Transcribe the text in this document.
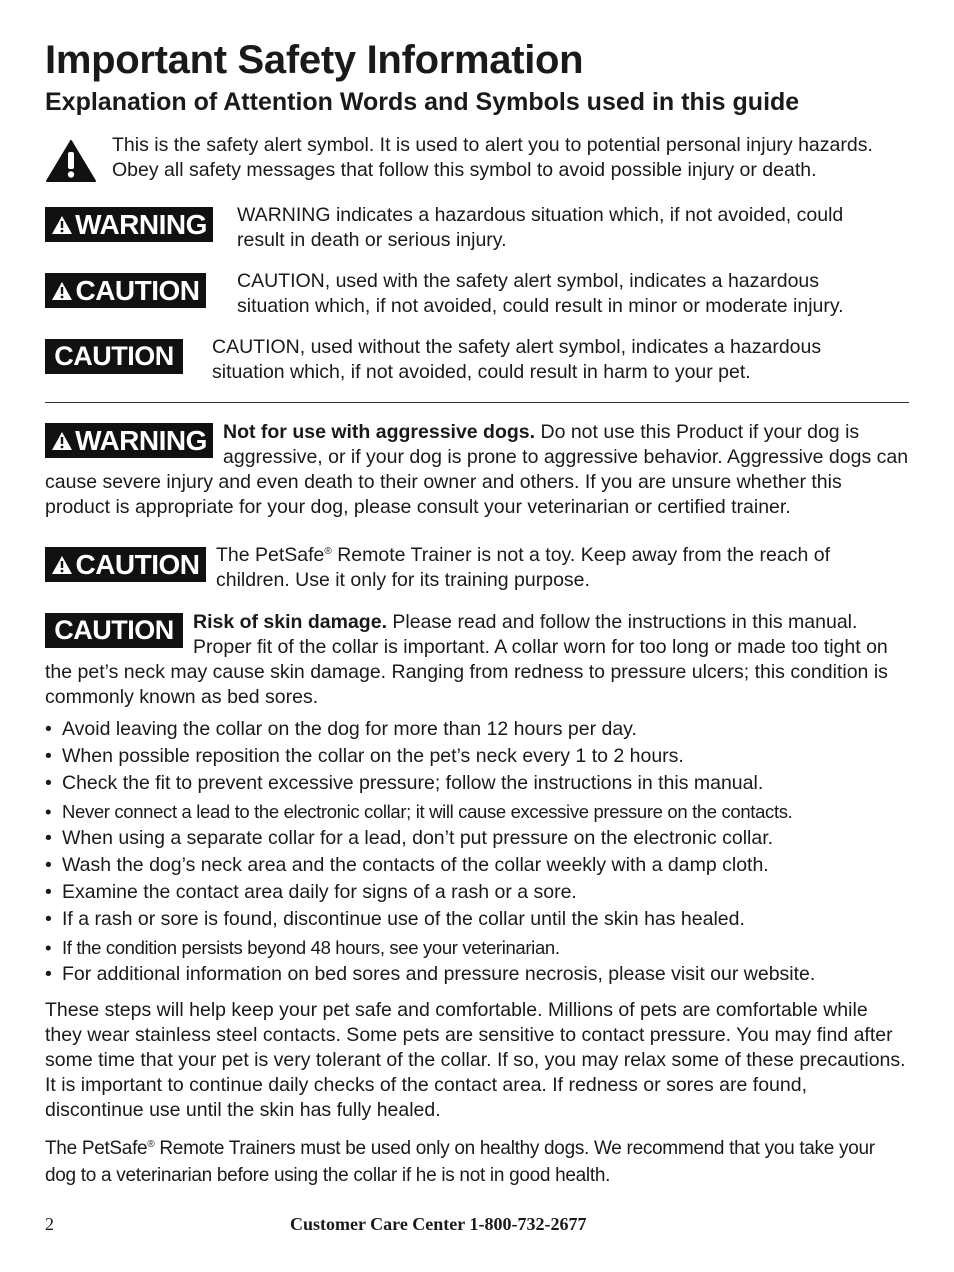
Important Safety Information
Explanation of Attention Words and Symbols used in this guide
This is the safety alert symbol. It is used to alert you to potential personal injury hazards. Obey all safety messages that follow this symbol to avoid possible injury or death.
WARNING WARNING indicates a hazardous situation which, if not avoided, could result in death or serious injury.
CAUTION CAUTION, used with the safety alert symbol, indicates a hazardous situation which, if not avoided, could result in minor or moderate injury.
CAUTION CAUTION, used without the safety alert symbol, indicates a hazardous situation which, if not avoided, could result in harm to your pet.
WARNING Not for use with aggressive dogs. Do not use this Product if your dog is aggressive, or if your dog is prone to aggressive behavior. Aggressive dogs can cause severe injury and even death to their owner and others. If you are unsure whether this product is appropriate for your dog, please consult your veterinarian or certified trainer.
CAUTION The PetSafe® Remote Trainer is not a toy. Keep away from the reach of children. Use it only for its training purpose.
CAUTION Risk of skin damage. Please read and follow the instructions in this manual. Proper fit of the collar is important. A collar worn for too long or made too tight on the pet’s neck may cause skin damage. Ranging from redness to pressure ulcers; this condition is commonly known as bed sores.
• Avoid leaving the collar on the dog for more than 12 hours per day.
• When possible reposition the collar on the pet’s neck every 1 to 2 hours.
• Check the fit to prevent excessive pressure; follow the instructions in this manual.
• Never connect a lead to the electronic collar; it will cause excessive pressure on the contacts.
• When using a separate collar for a lead, don’t put pressure on the electronic collar.
• Wash the dog’s neck area and the contacts of the collar weekly with a damp cloth.
• Examine the contact area daily for signs of a rash or a sore.
• If a rash or sore is found, discontinue use of the collar until the skin has healed.
• If the condition persists beyond 48 hours, see your veterinarian.
• For additional information on bed sores and pressure necrosis, please visit our website.
These steps will help keep your pet safe and comfortable. Millions of pets are comfortable while they wear stainless steel contacts. Some pets are sensitive to contact pressure. You may find after some time that your pet is very tolerant of the collar. If so, you may relax some of these precautions. It is important to continue daily checks of the contact area. If redness or sores are found, discontinue use until the skin has fully healed.
The PetSafe® Remote Trainers must be used only on healthy dogs. We recommend that you take your dog to a veterinarian before using the collar if he is not in good health.
2	Customer Care Center 1-800-732-2677
